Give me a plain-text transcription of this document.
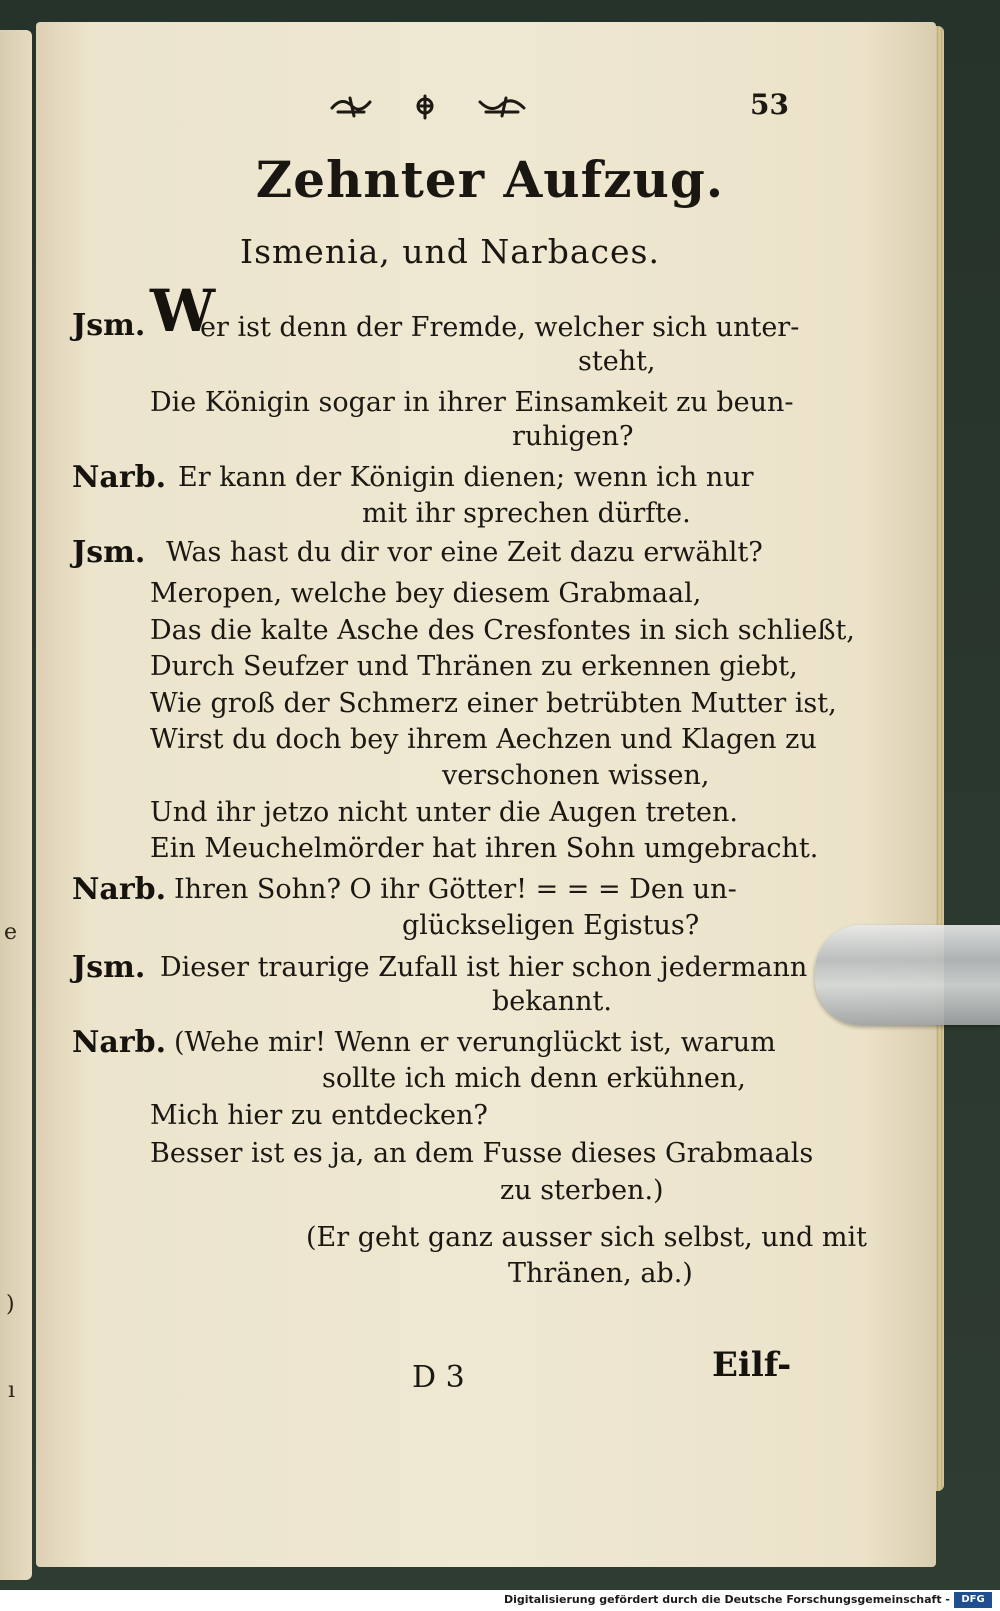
e
)
ı
53
Zehnter Aufzug.
Ismenia, und Narbaces.
Jsm. W
er ist denn der Fremde, welcher sich unter-
steht,
Die Königin sogar in ihrer Einsamkeit zu beun-
ruhigen?
Narb. Er kann der Königin dienen; wenn ich nur
mit ihr sprechen dürfte.
Jsm. Was hast du dir vor eine Zeit dazu erwählt?
Meropen, welche bey diesem Grabmaal,
Das die kalte Asche des Cresfontes in sich schließt,
Durch Seufzer und Thränen zu erkennen giebt,
Wie groß der Schmerz einer betrübten Mutter ist,
Wirst du doch bey ihrem Aechzen und Klagen zu
verschonen wissen,
Und ihr jetzo nicht unter die Augen treten.
Ein Meuchelmörder hat ihren Sohn umgebracht.
Narb. Ihren Sohn? O ihr Götter! = = = Den un-
glückseligen Egistus?
Jsm. Dieser traurige Zufall ist hier schon jedermann
bekannt.
Narb. (Wehe mir! Wenn er verunglückt ist, warum
sollte ich mich denn erkühnen,
Mich hier zu entdecken?
Besser ist es ja, an dem Fusse dieses Grabmaals
zu sterben.)
(Er geht ganz ausser sich selbst, und mit
Thränen, ab.)
D 3	Eilf-
Digitalisierung gefördert durch die Deutsche Forschungsgemeinschaft -	DFG
